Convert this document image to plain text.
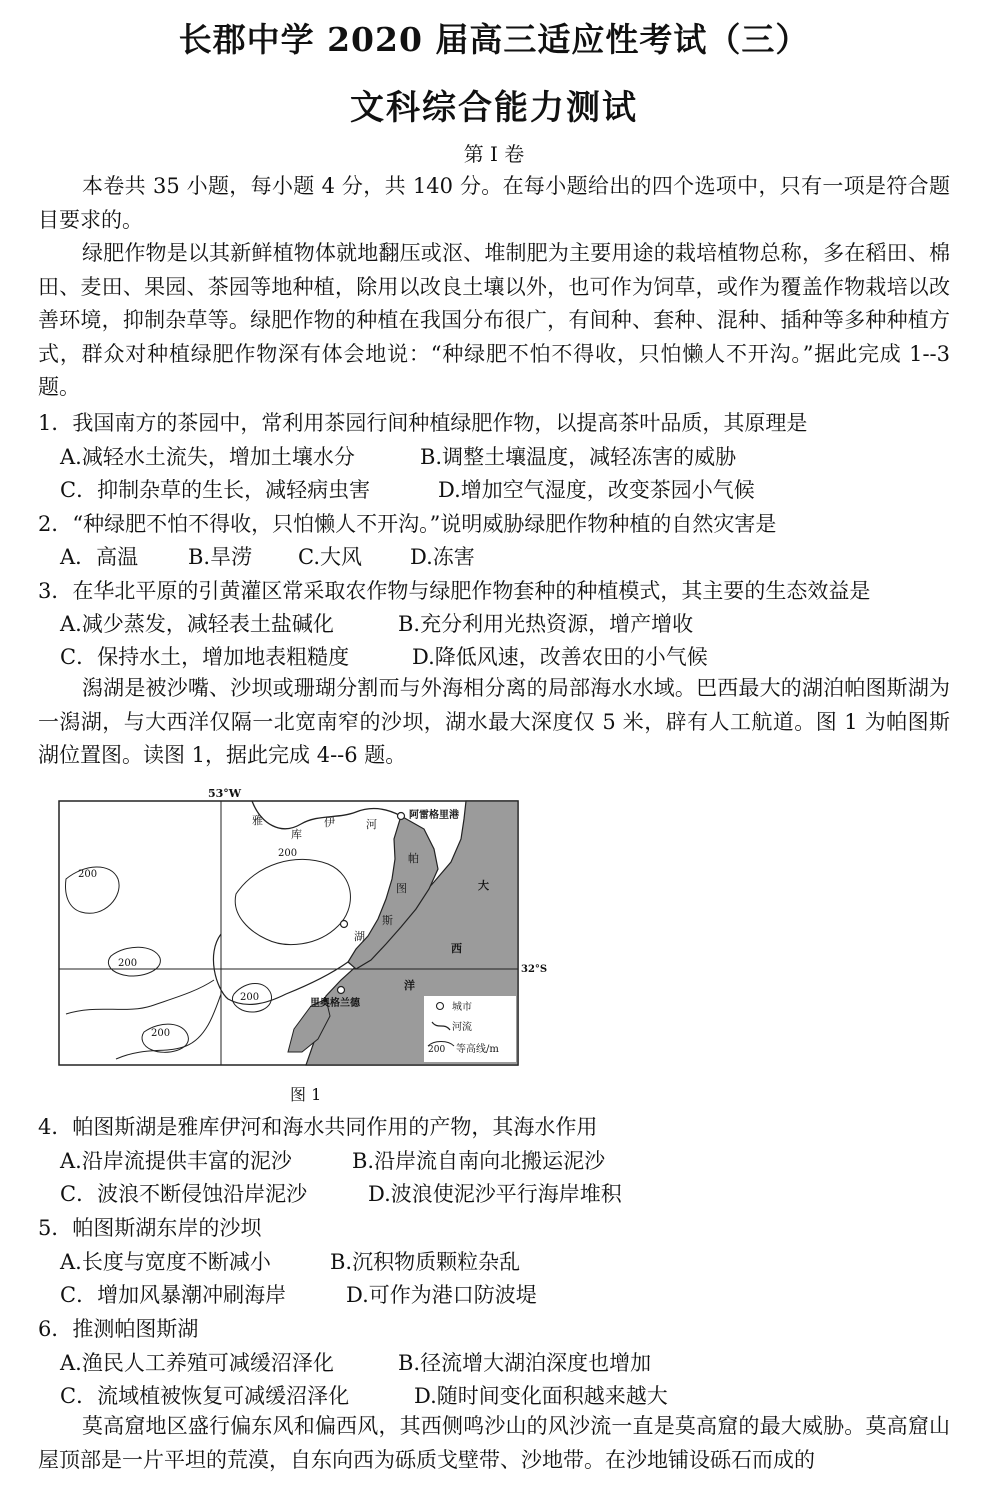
长郡中学 2020 届高三适应性考试（三）
文科综合能力测试
第 I 卷

本卷共 35 小题，每小题 4 分，共 140 分。在每小题给出的四个选项中，只有一项是符合题目要求的。

绿肥作物是以其新鲜植物体就地翻压或沤、堆制肥为主要用途的栽培植物总称，多在稻田、棉田、麦田、果园、茶园等地种植，除用以改良土壤以外，也可作为饲草，或作为覆盖作物栽培以改善环境，抑制杂草等。绿肥作物的种植在我国分布很广，有间种、套种、混种、插种等多种种植方式，群众对种植绿肥作物深有体会地说：“种绿肥不怕不得收，只怕懒人不开沟。”据此完成 1--3 题。

1．我国南方的茶园中，常利用茶园行间种植绿肥作物，以提高茶叶品质，其原理是
A.减轻水土流失，增加土壤水分	B.调整土壤温度，减轻冻害的威胁
C．抑制杂草的生长，减轻病虫害	D.增加空气湿度，改变茶园小气候
2．“种绿肥不怕不得收，只怕懒人不开沟。”说明威胁绿肥作物种植的自然灾害是
A．高温 B.旱涝 C.大风 D.冻害
3．在华北平原的引黄灌区常采取农作物与绿肥作物套种的种植模式，其主要的生态效益是
A.减少蒸发，减轻表土盐碱化	B.充分利用光热资源，增产增收
C．保持水土，增加地表粗糙度	D.降低风速，改善农田的小气候

潟湖是被沙嘴、沙坝或珊瑚分割而与外海相分离的局部海水水域。巴西最大的湖泊帕图斯湖为一潟湖，与大西洋仅隔一北宽南窄的沙坝，湖水最大深度仅 5 米，辟有人工航道。图 1 为帕图斯湖位置图。读图 1，据此完成 4--6 题。

53°W
32°S
雅
库
伊	河
帕
图
斯
湖
大
西
洋
阿雷格里港
里奥格兰德
200
200
200
200
200
城市
河流
200 等高线/m
图 1
4．帕图斯湖是雅库伊河和海水共同作用的产物，其海水作用
A.沿岸流提供丰富的泥沙	B.沿岸流自南向北搬运泥沙
C．波浪不断侵蚀沿岸泥沙	D.波浪使泥沙平行海岸堆积
5．帕图斯湖东岸的沙坝
A.长度与宽度不断减小	B.沉积物质颗粒杂乱
C．增加风暴潮冲刷海岸	D.可作为港口防波堤
6．推测帕图斯湖
A.渔民人工养殖可减缓沼泽化	B.径流增大湖泊深度也增加
C．流域植被恢复可减缓沼泽化	D.随时间变化面积越来越大

莫高窟地区盛行偏东风和偏西风，其西侧鸣沙山的风沙流一直是莫高窟的最大威胁。莫高窟山屋顶部是一片平坦的荒漠，自东向西为砾质戈壁带、沙地带。在沙地铺设砾石而成的
